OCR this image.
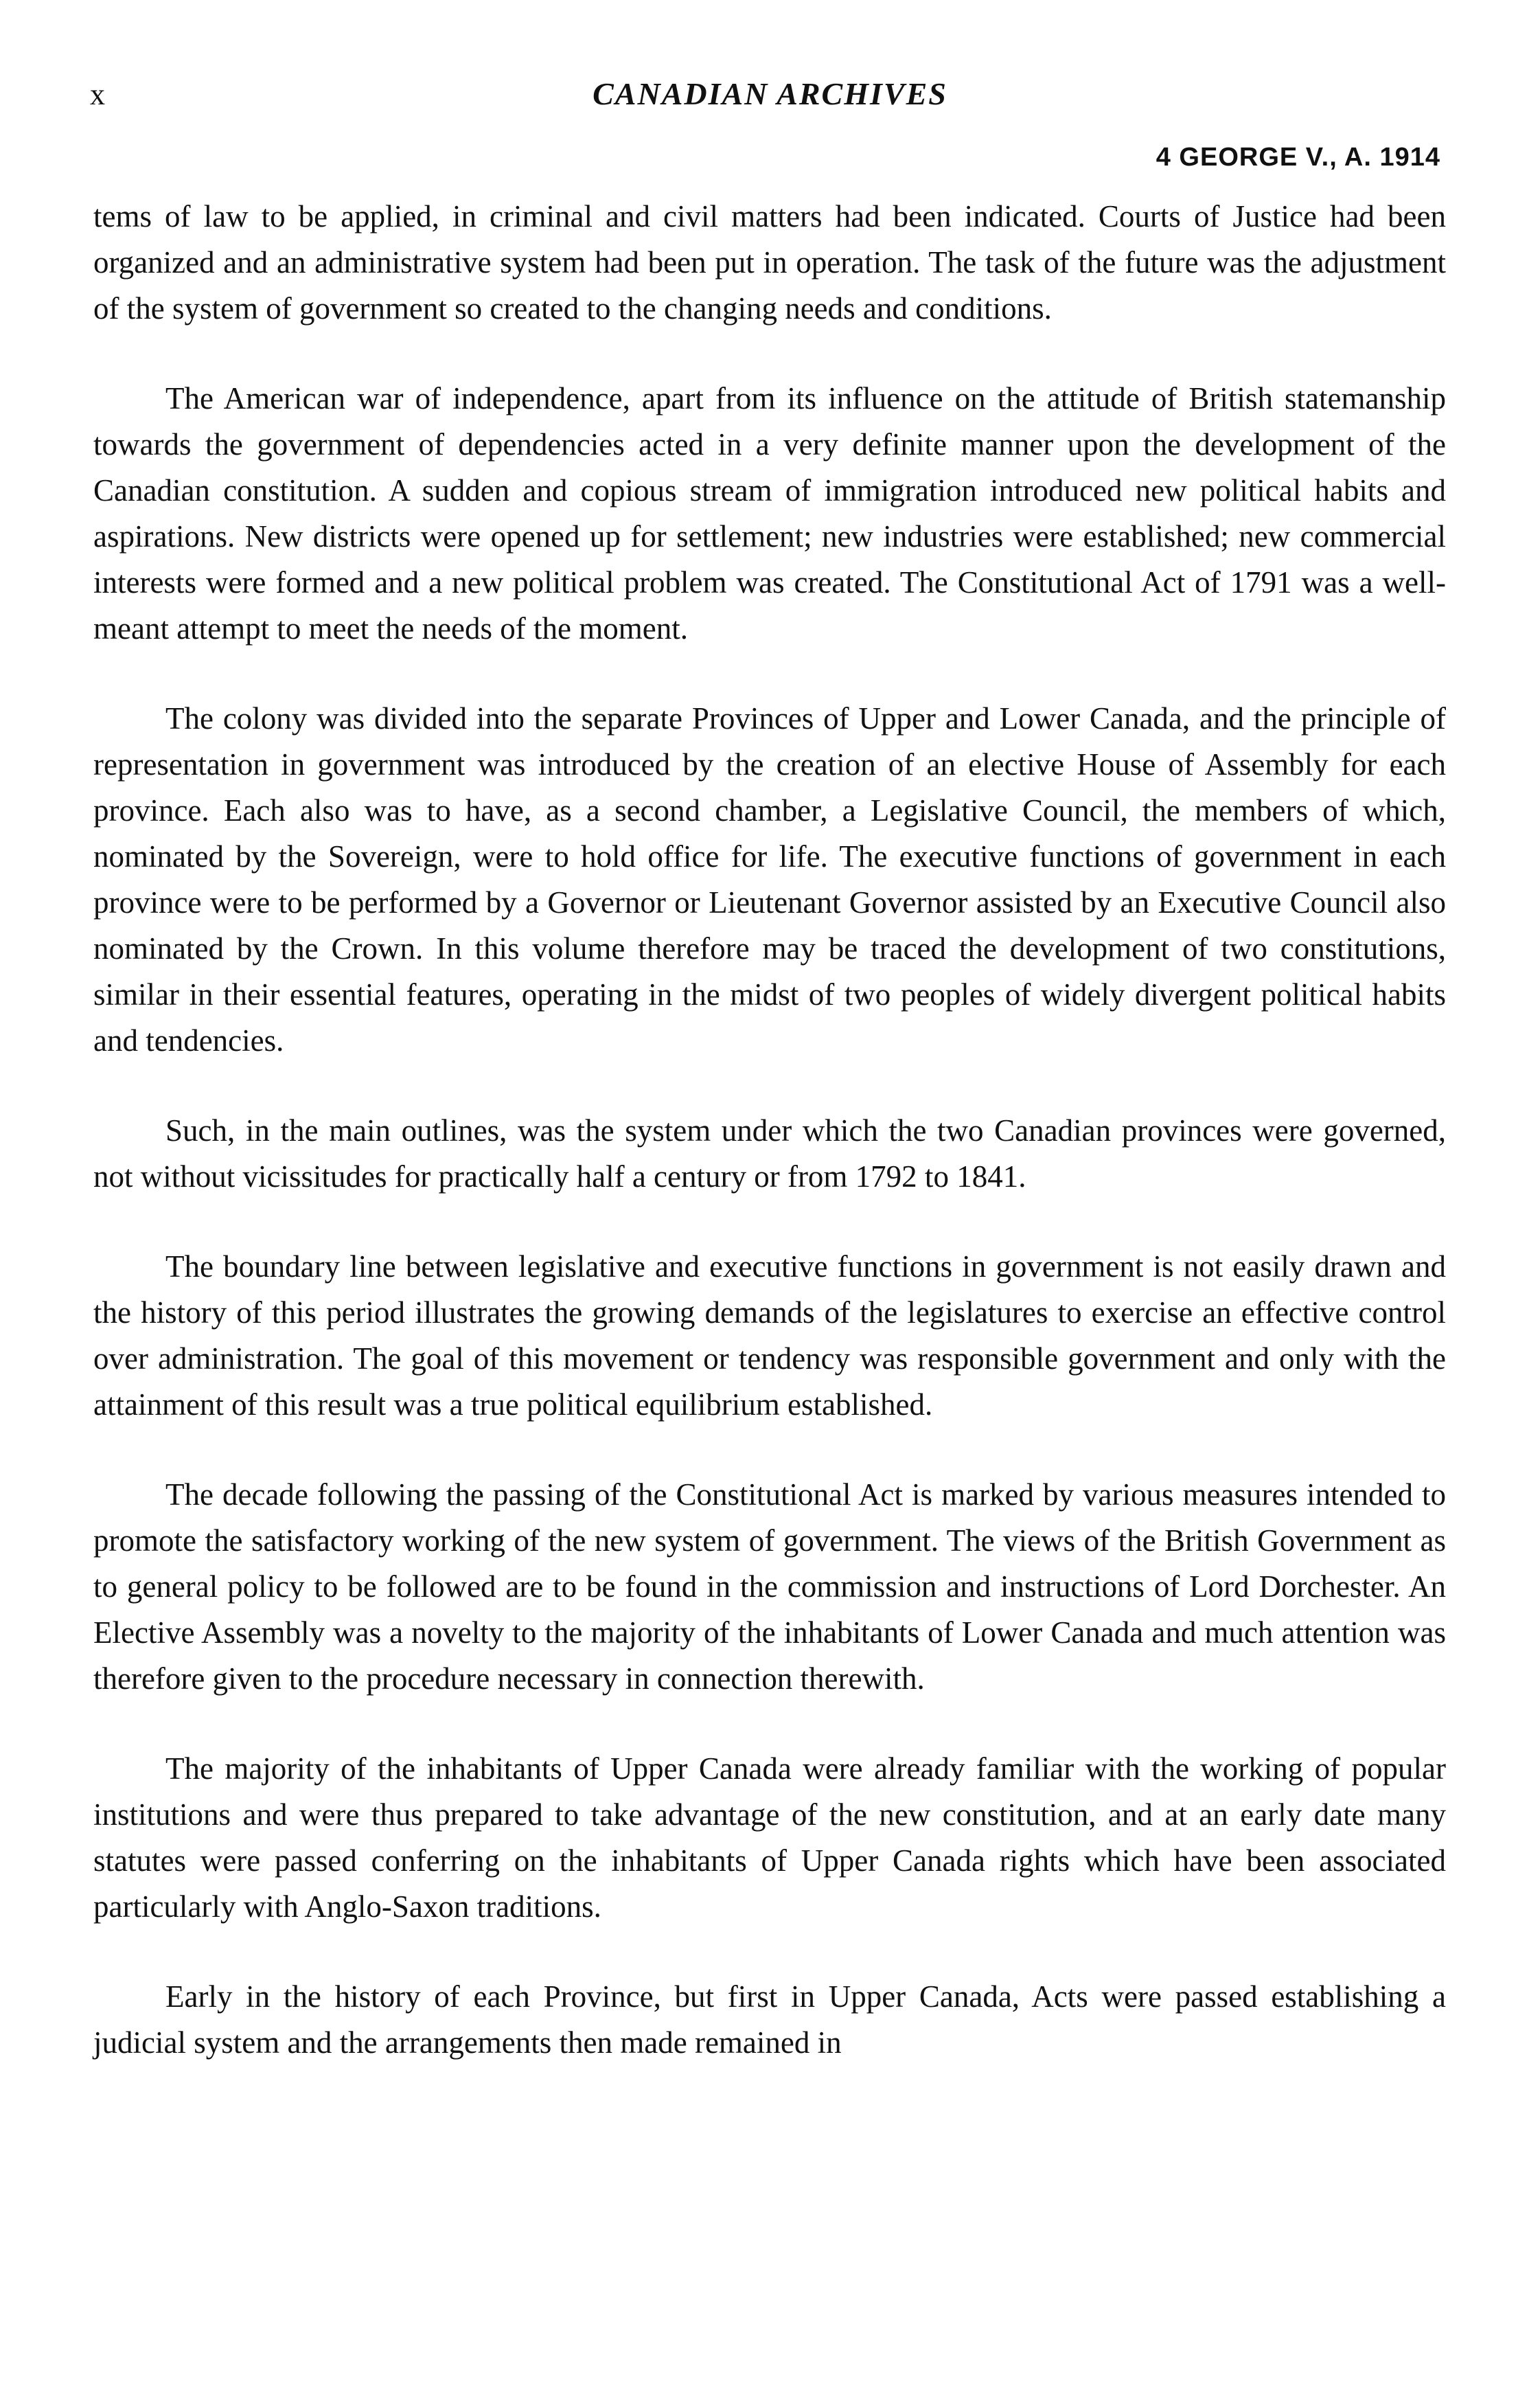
x	CANADIAN ARCHIVES
4 GEORGE V., A. 1914

tems of law to be applied, in criminal and civil matters had been indicated. Courts of Justice had been organized and an administrative system had been put in operation. The task of the future was the adjustment of the system of government so created to the changing needs and conditions.

The American war of independence, apart from its influence on the attitude of British statemanship towards the government of dependencies acted in a very definite manner upon the development of the Canadian constitution. A sudden and copious stream of immigration introduced new political habits and aspirations. New districts were opened up for settlement; new industries were established; new commercial interests were formed and a new political problem was created. The Constitutional Act of 1791 was a well-meant attempt to meet the needs of the moment.

The colony was divided into the separate Provinces of Upper and Lower Canada, and the principle of representation in government was introduced by the creation of an elective House of Assembly for each province. Each also was to have, as a second chamber, a Legislative Council, the members of which, nominated by the Sovereign, were to hold office for life. The executive functions of government in each province were to be performed by a Governor or Lieutenant Governor assisted by an Executive Council also nominated by the Crown. In this volume therefore may be traced the development of two constitutions, similar in their essential features, operating in the midst of two peoples of widely divergent political habits and tendencies.

Such, in the main outlines, was the system under which the two Canadian provinces were governed, not without vicissitudes for practically half a century or from 1792 to 1841.

The boundary line between legislative and executive functions in government is not easily drawn and the history of this period illustrates the growing demands of the legislatures to exercise an effective control over administration. The goal of this movement or tendency was responsible government and only with the attainment of this result was a true political equilibrium established.

The decade following the passing of the Constitutional Act is marked by various measures intended to promote the satisfactory working of the new system of government. The views of the British Government as to general policy to be followed are to be found in the commission and instructions of Lord Dorchester. An Elective Assembly was a novelty to the majority of the inhabitants of Lower Canada and much attention was therefore given to the procedure necessary in connection therewith.

The majority of the inhabitants of Upper Canada were already familiar with the working of popular institutions and were thus prepared to take advantage of the new constitution, and at an early date many statutes were passed conferring on the inhabitants of Upper Canada rights which have been associated particularly with Anglo-Saxon traditions.

Early in the history of each Province, but first in Upper Canada, Acts were passed establishing a judicial system and the arrangements then made remained in
